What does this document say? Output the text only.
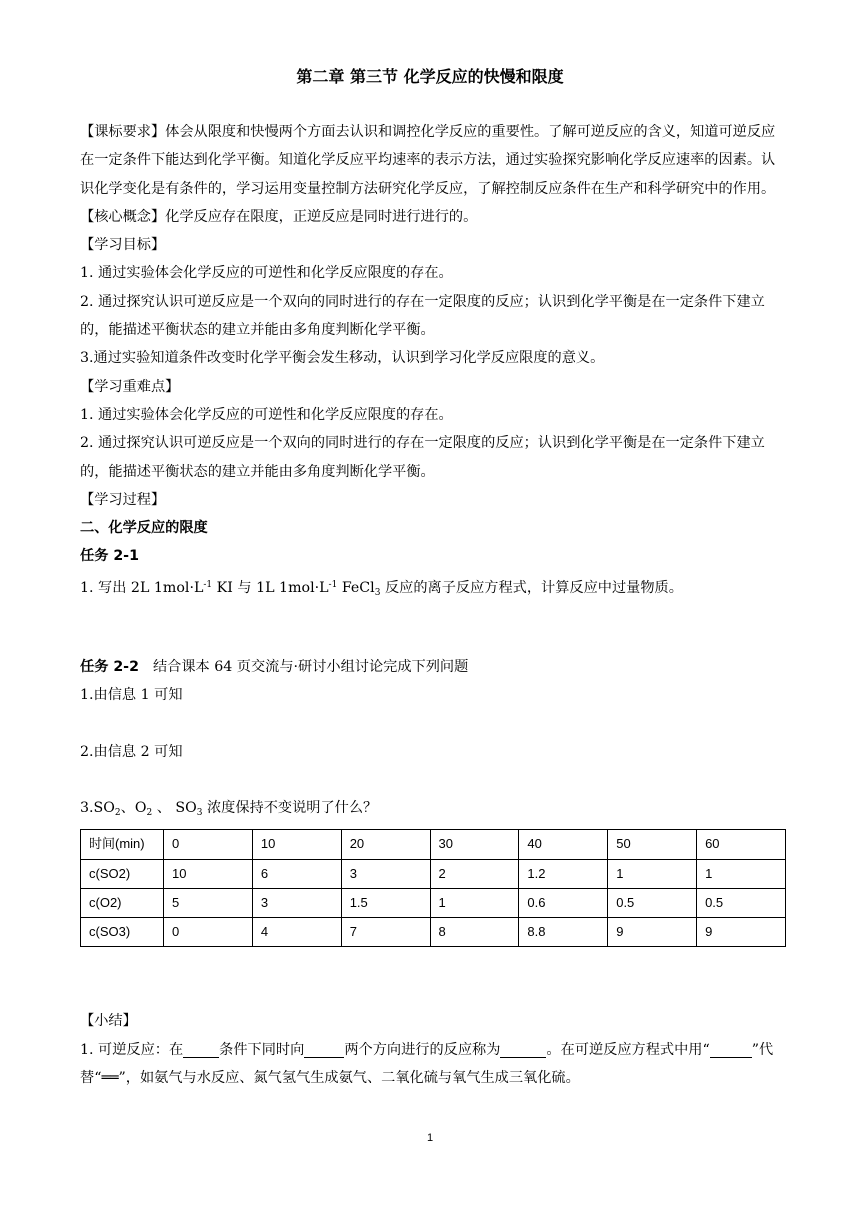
第二章 第三节 化学反应的快慢和限度

【课标要求】体会从限度和快慢两个方面去认识和调控化学反应的重要性。了解可逆反应的含义，知道可逆反应在一定条件下能达到化学平衡。知道化学反应平均速率的表示方法，通过实验探究影响化学反应速率的因素。认识化学变化是有条件的，学习运用变量控制方法研究化学反应，了解控制反应条件在生产和科学研究中的作用。

【核心概念】化学反应存在限度，正逆反应是同时进行进行的。

【学习目标】

1. 通过实验体会化学反应的可逆性和化学反应限度的存在。

2. 通过探究认识可逆反应是一个双向的同时进行的存在一定限度的反应；认识到化学平衡是在一定条件下建立的，能描述平衡状态的建立并能由多角度判断化学平衡。

3.通过实验知道条件改变时化学平衡会发生移动，认识到学习化学反应限度的意义。

【学习重难点】

1. 通过实验体会化学反应的可逆性和化学反应限度的存在。

2. 通过探究认识可逆反应是一个双向的同时进行的存在一定限度的反应；认识到化学平衡是在一定条件下建立的，能描述平衡状态的建立并能由多角度判断化学平衡。

【学习过程】

二、化学反应的限度

任务 2-1

1. 写出 2L $1mol\cdot L^{-1}$ KI 与 1L $1mol\cdot L^{-1}$ FeCl$_3$ 反应的离子反应方程式，计算反应中过量物质。

任务 2-2 结合课本 64 页交流与·研讨小组讨论完成下列问题

1.由信息 1 可知

2.由信息 2 可知

$3.SO_2$、$O_2$ 、 $SO_3$ 浓度保持不变说明了什么？

时间(min)	0	10	20	30	40	50	60
c(SO2)	10	6	3	2	1.2	1	1
c(O2)	5	3	1.5	1	0.6	0.5	0.5
c(SO3)	0	4	7	8	8.8	9	9

【小结】

1. 可逆反应：在	条件下同时向	两个方向进行的反应称为	。在可逆反应方程式中用“	”代替“══”，如氨气与水反应、氮气氢气生成氨气、二氧化硫与氧气生成三氧化硫。

1
